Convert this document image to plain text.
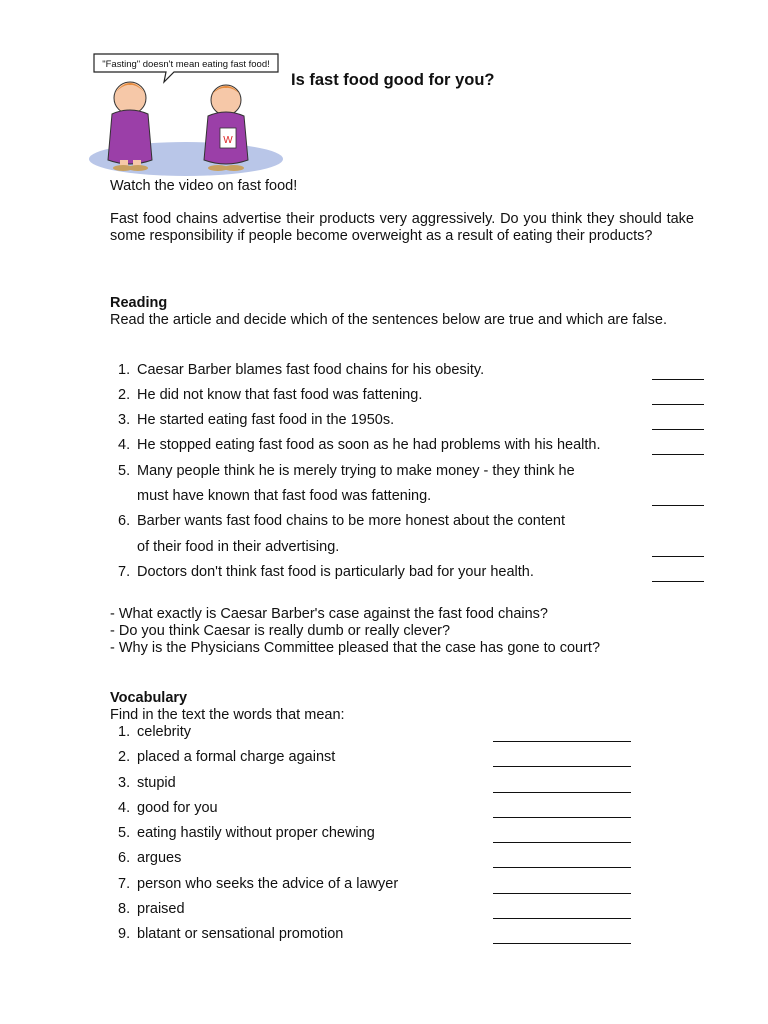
"Fasting" doesn't mean eating fast food!
W
Is fast food good for you?

Watch the video on fast food!

Fast food chains advertise their products very aggressively. Do you think they should take some responsibility if people become overweight as a result of eating their products?

Reading

Read the article and decide which of the sentences below are true and which are false.

1. Caesar Barber blames fast food chains for his obesity.
2. He did not know that fast food was fattening.
3. He started eating fast food in the 1950s.
4. He stopped eating fast food as soon as he had problems with his health.
5. Many people think he is merely trying to make money - they think he
must have known that fast food was fattening.
6. Barber wants fast food chains to be more honest about the content
of their food in their advertising.
7. Doctors don't think fast food is particularly bad for your health.

- What exactly is Caesar Barber's case against the fast food chains?

- Do you think Caesar is really dumb or really clever?

- Why is the Physicians Committee pleased that the case has gone to court?

Vocabulary

Find in the text the words that mean:

1. celebrity
2. placed a formal charge against
3. stupid
4. good for you
5. eating hastily without proper chewing
6. argues
7. person who seeks the advice of a lawyer
8. praised
9. blatant or sensational promotion
